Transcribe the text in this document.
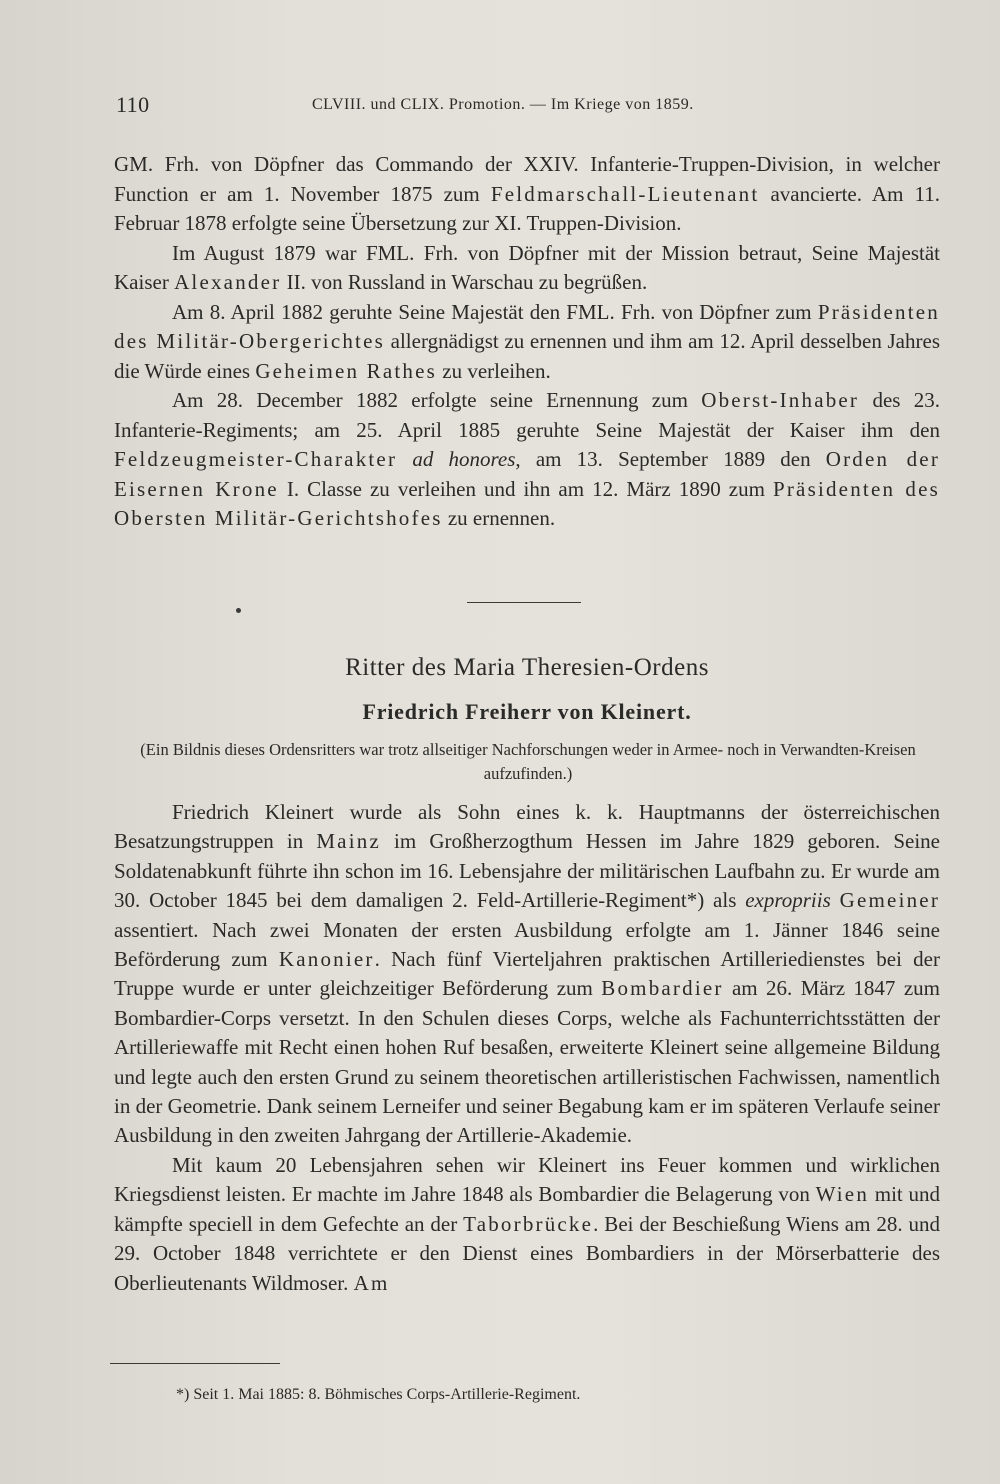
110	CLVIII. und CLIX. Promotion. — Im Kriege von 1859.

GM. Frh. von Döpfner das Commando der XXIV. Infanterie-Truppen-Division, in welcher Function er am 1. November 1875 zum Feldmarschall-Lieutenant avancierte. Am 11. Februar 1878 erfolgte seine Übersetzung zur XI. Truppen-Division.

Im August 1879 war FML. Frh. von Döpfner mit der Mission betraut, Seine Majestät Kaiser Alexander II. von Russland in Warschau zu begrüßen.

Am 8. April 1882 geruhte Seine Majestät den FML. Frh. von Döpfner zum Präsidenten des Militär-Obergerichtes allergnädigst zu ernennen und ihm am 12. April desselben Jahres die Würde eines Geheimen Rathes zu verleihen.

Am 28. December 1882 erfolgte seine Ernennung zum Oberst-Inhaber des 23. Infanterie-Regiments; am 25. April 1885 geruhte Seine Majestät der Kaiser ihm den Feldzeugmeister-Charakter ad honores, am 13. September 1889 den Orden der Eisernen Krone I. Classe zu verleihen und ihn am 12. März 1890 zum Präsidenten des Obersten Militär-Gerichtshofes zu ernennen.

Ritter des Maria Theresien-Ordens
Friedrich Freiherr von Kleinert.
(Ein Bildnis dieses Ordensritters war trotz allseitiger Nachforschungen weder in Armee- noch in Verwandten-Kreisen aufzufinden.)

Friedrich Kleinert wurde als Sohn eines k. k. Hauptmanns der österreichischen Besatzungstruppen in Mainz im Großherzogthum Hessen im Jahre 1829 geboren. Seine Soldatenabkunft führte ihn schon im 16. Lebensjahre der militärischen Laufbahn zu. Er wurde am 30. October 1845 bei dem damaligen 2. Feld-Artillerie-Regiment*) als expropriis Gemeiner assentiert. Nach zwei Monaten der ersten Ausbildung erfolgte am 1. Jänner 1846 seine Beförderung zum Kanonier. Nach fünf Vierteljahren praktischen Artilleriedienstes bei der Truppe wurde er unter gleichzeitiger Beförderung zum Bombardier am 26. März 1847 zum Bombardier-Corps versetzt. In den Schulen dieses Corps, welche als Fachunterrichtsstätten der Artilleriewaffe mit Recht einen hohen Ruf besaßen, erweiterte Kleinert seine allgemeine Bildung und legte auch den ersten Grund zu seinem theoretischen artilleristischen Fachwissen, namentlich in der Geometrie. Dank seinem Lerneifer und seiner Begabung kam er im späteren Verlaufe seiner Ausbildung in den zweiten Jahrgang der Artillerie-Akademie.

Mit kaum 20 Lebensjahren sehen wir Kleinert ins Feuer kommen und wirklichen Kriegsdienst leisten. Er machte im Jahre 1848 als Bombardier die Belagerung von Wien mit und kämpfte speciell in dem Gefechte an der Taborbrücke. Bei der Beschießung Wiens am 28. und 29. October 1848 verrichtete er den Dienst eines Bombardiers in der Mörserbatterie des Oberlieutenants Wildmoser. Am

*) Seit 1. Mai 1885: 8. Böhmisches Corps-Artillerie-Regiment.
